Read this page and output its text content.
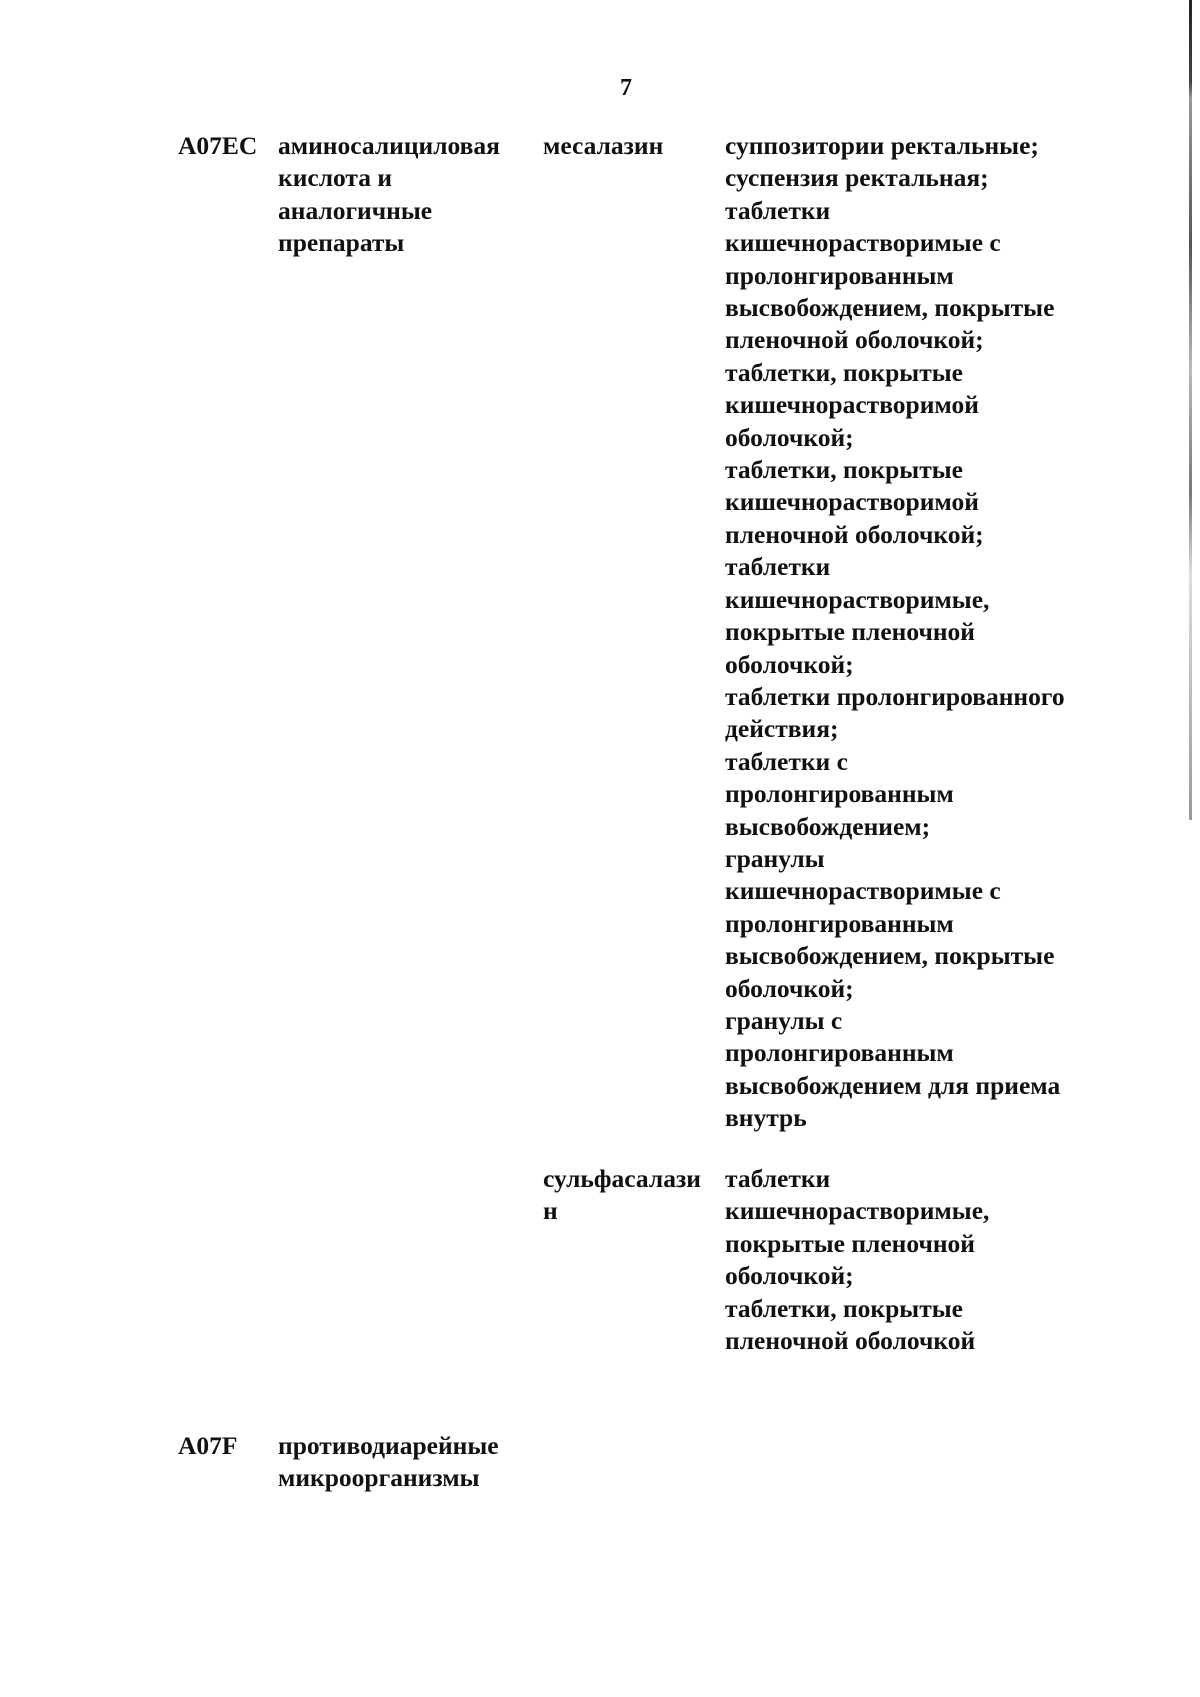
7
A07EC аминосалициловая
кислота и
аналогичные
препараты
месалазин	суппозитории ректальные;
суспензия ректальная;
таблетки
кишечнорастворимые с
пролонгированным
высвобождением, покрытые
пленочной оболочкой;
таблетки, покрытые
кишечнорастворимой
оболочкой;
таблетки, покрытые
кишечнорастворимой
пленочной оболочкой;
таблетки
кишечнорастворимые,
покрытые пленочной
оболочкой;
таблетки пролонгированного
действия;
таблетки с
пролонгированным
высвобождением;
гранулы
кишечнорастворимые с
пролонгированным
высвобождением, покрытые
оболочкой;
гранулы с
пролонгированным
высвобождением для приема
внутрь
сульфасалази
н
таблетки
кишечнорастворимые,
покрытые пленочной
оболочкой;
таблетки, покрытые
пленочной оболочкой
A07F	противодиарейные
микроорганизмы
